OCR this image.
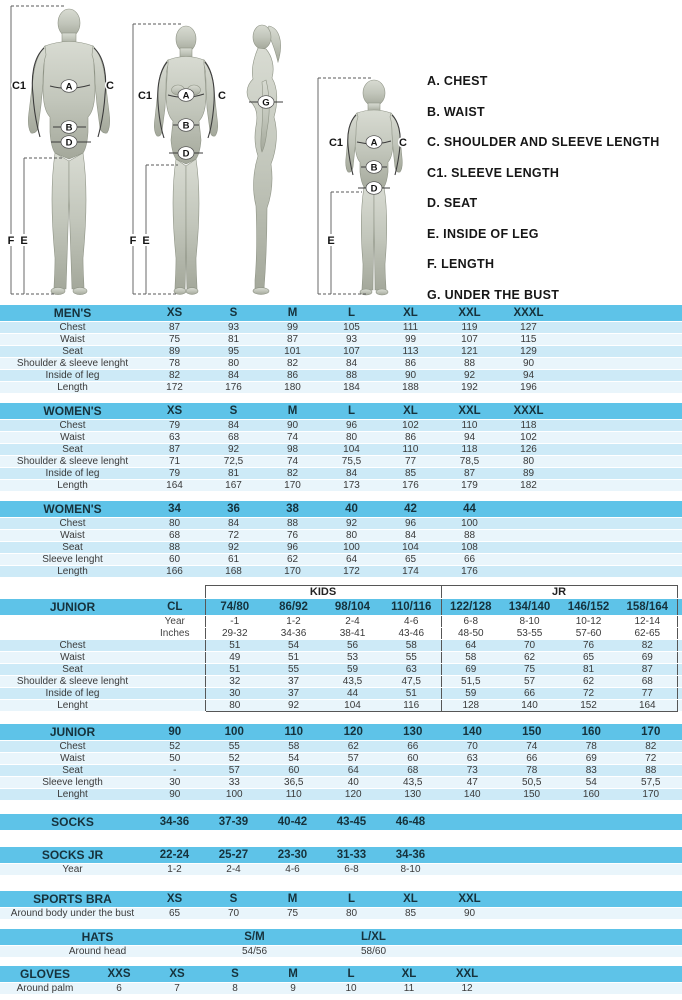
A
B
D
C1	C
F E
A
B
D
C1	C
F E
G
A
B
D
C1	C
E
A. CHEST
B. WAIST
C. SHOULDER AND SLEEVE LENGTH
C1. SLEEVE LENGTH
D. SEAT
E. INSIDE OF LEG
F. LENGTH
G. UNDER THE BUST
MEN'S	XS	S	M	L	XL	XXL	XXXL	
Chest	87	93	99	105	111	119	127	
Waist	75	81	87	93	99	107	115	
Seat	89	95	101	107	113	121	129	
Shoulder & sleeve lenght	78	80	82	84	86	88	90	
Inside of leg	82	84	86	88	90	92	94	
Length	172	176	180	184	188	192	196	
WOMEN'S	XS	S	M	L	XL	XXL	XXXL	
Chest	79	84	90	96	102	110	118	
Waist	63	68	74	80	86	94	102	
Seat	87	92	98	104	110	118	126	
Shoulder & sleeve lenght	71	72,5	74	75,5	77	78,5	80	
Inside of leg	79	81	82	84	85	87	89	
Length	164	167	170	173	176	179	182	
WOMEN'S	34	36	38	40	42	44	
Chest	80	84	88	92	96	100	
Waist	68	72	76	80	84	88	
Seat	88	92	96	100	104	108	
Sleeve lenght	60	61	62	64	65	66	
Length	166	168	170	172	174	176	
		KIDS				JR				
JUNIOR	CL	74/80	86/92	98/104	110/116	122/128	134/140	146/152	158/164	
	Year	-1	1-2	2-4	4-6	6-8	8-10	10-12	12-14	
	Inches	29-32	34-36	38-41	43-46	48-50	53-55	57-60	62-65	
Chest		51	54	56	58	64	70	76	82	
Waist		49	51	53	55	58	62	65	69	
Seat		51	55	59	63	69	75	81	87	
Shoulder & sleeve lenght		32	37	43,5	47,5	51,5	57	62	68	
Inside of leg		30	37	44	51	59	66	72	77	
Lenght		80	92	104	116	128	140	152	164	
JUNIOR	90	100	110	120	130	140	150	160	170	
Chest	52	55	58	62	66	70	74	78	82	
Waist	50	52	54	57	60	63	66	69	72	
Seat	-	57	60	64	68	73	78	83	88	
Sleeve length	30	33	36,5	40	43,5	47	50,5	54	57,5	
Lenght	90	100	110	120	130	140	150	160	170	
SOCKS	34-36	37-39	40-42	43-45	46-48	
SOCKS JR	22-24	25-27	23-30	31-33	34-36	
Year	1-2	2-4	4-6	6-8	8-10	
SPORTS BRA	XS	S	M	L	XL	XXL	
Around body under the bust	65	70	75	80	85	90	
HATS	S/M	L/XL	
Around head	54/56	58/60	
GLOVES	XXS	XS	S	M	L	XL	XXL	
Around palm	6	7	8	9	10	11	12	
